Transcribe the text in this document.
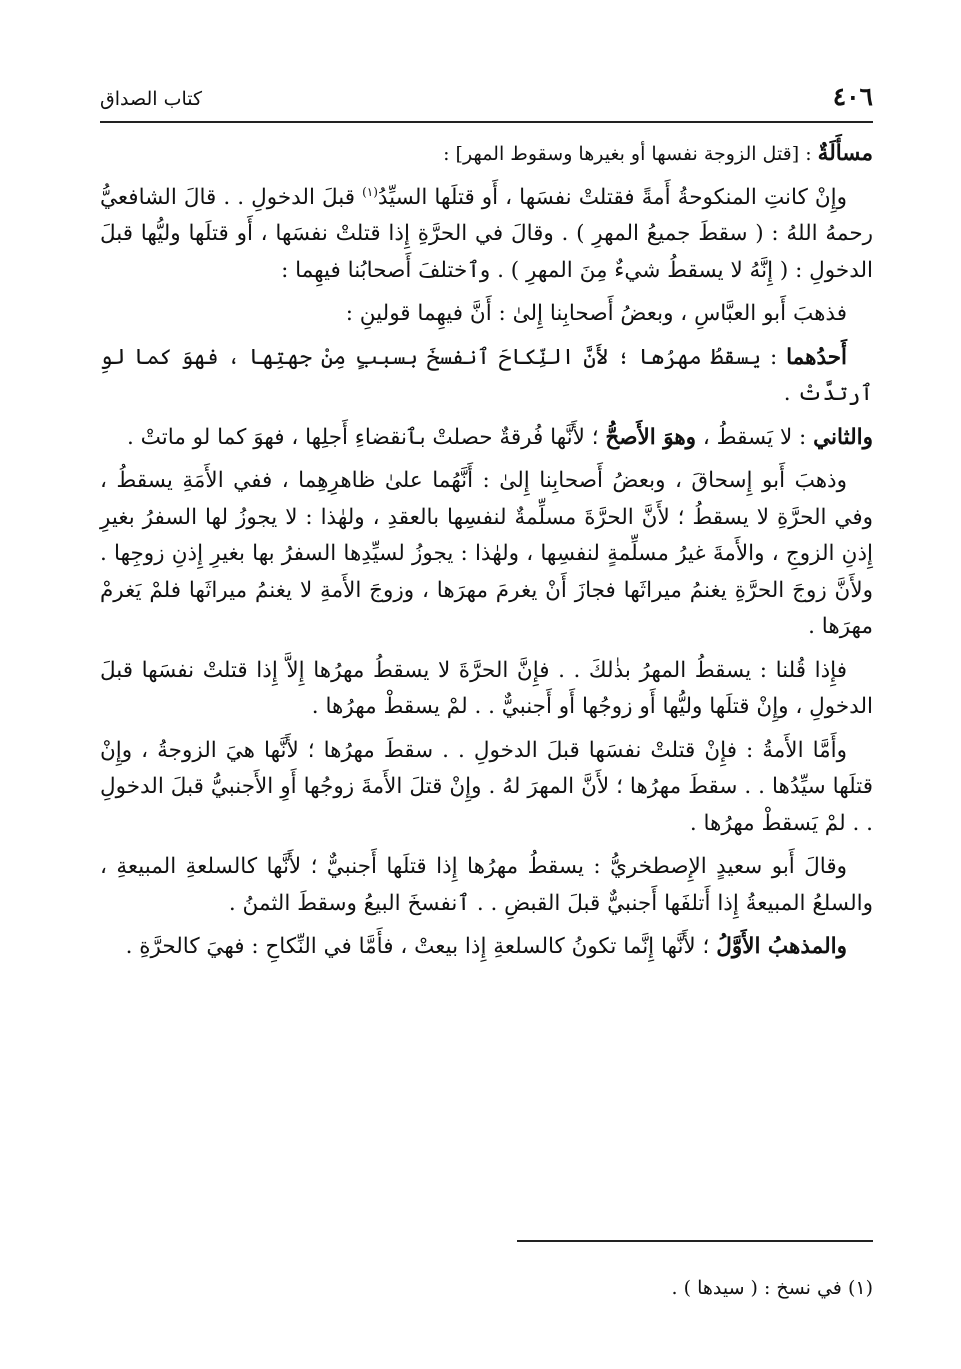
٤٠٦
كتاب الصداق

مسأَلَةٌ : [قتل الزوجة نفسها أو بغيرها وسقوط المهر] :

وإِنْ كانتِ المنكوحةُ أَمةً فقتلتْ نفسَها ، أَو قتلَها السيِّدُ$^{(١)}$ قبلَ الدخولِ . . قالَ الشافعيُّ رحمهُ اللهُ : ( سقطَ جميعُ المهرِ ) . وقالَ في الحرَّةِ إِذا قتلتْ نفسَها ، أَو قتلَها وليُّها قبلَ الدخولِ : ( إِنَّهُ لا يسقطُ شيءٌ مِنَ المهرِ ) . وٱختلفَ أَصحابُنا فيهِما :

فذهبَ أَبو العبَّاسِ ، وبعضُ أَصحابِنا إِلىٰ : أَنَّ فيهِما قولينِ :

أَحدُهما : يسقطُ مهرُها ؛ لأَنَّ النِّكاحَ ٱنفسخَ بسببٍ مِنْ جهتِها ، فهوَ كما لوِ ٱرتدَّتْ .

والثاني : لا يَسقطُ ، وهوَ الأَصحُّ ؛ لأَنَّها فُرقةٌ حصلتْ بٱنقضاءِ أَجلِها ، فهوَ كما لو ماتتْ .

وذهبَ أَبو إِسحاقَ ، وبعضُ أَصحابِنا إِلىٰ : أَنَّهُما علىٰ ظاهرِهِما ، ففي الأَمَةِ يسقطُ ، وفي الحرَّةِ لا يسقطُ ؛ لأَنَّ الحرَّةَ مسلِّمةٌ لنفسِها بالعقدِ ، ولهٰذا : لا يجوزُ لها السفرُ بغيرِ إِذنِ الزوجِ ، والأَمةَ غيرُ مسلِّمةٍ لنفسِها ، ولهٰذا : يجوزُ لسيِّدِها السفرُ بها بغيرِ إِذنِ زوجِها . ولأَنَّ زوجَ الحرَّةِ يغنمُ ميراثَها فجازَ أَنْ يغرمَ مهرَها ، وزوجَ الأَمةِ لا يغنمُ ميراثَها فلمْ يَغرمْ مهرَها .

فإِذا قُلنا : يسقطُ المهرُ بذٰلكَ . . فإِنَّ الحرَّةَ لا يسقطُ مهرُها إِلاَّ إِذا قتلتْ نفسَها قبلَ الدخولِ ، وإِنْ قتلَها وليُّها أَو زوجُها أَو أَجنبيٌّ . . لمْ يسقطْ مهرُها .

وأَمَّا الأَمةُ : فإِنْ قتلتْ نفسَها قبلَ الدخولِ . . سقطَ مهرُها ؛ لأَنَّها هيَ الزوجةُ ، وإِنْ قتلَها سيِّدُها . . سقطَ مهرُها ؛ لأَنَّ المهرَ لهُ . وإِنْ قتلَ الأَمةَ زوجُها أَوِ الأَجنبيُّ قبلَ الدخولِ . . لمْ يَسقطْ مهرُها .

وقالَ أَبو سعيدٍ الإِصطخريُّ : يسقطُ مهرُها إِذا قتلَها أَجنبيٌّ ؛ لأَنَّها كالسلعةِ المبيعةِ ، والسلعُ المبيعةُ إِذا أَتلفَها أَجنبيٌّ قبلَ القبضِ . . ٱنفسخَ البيعُ وسقطَ الثمنُ .

والمذهبُ الأَوَّلُ ؛ لأَنَّها إِنَّما تكونُ كالسلعةِ إِذا بيعتْ ، فأَمَّا في النِّكاحِ : فهيَ كالحرَّةِ .

(١) في نسخ : ( سيدها ) .
